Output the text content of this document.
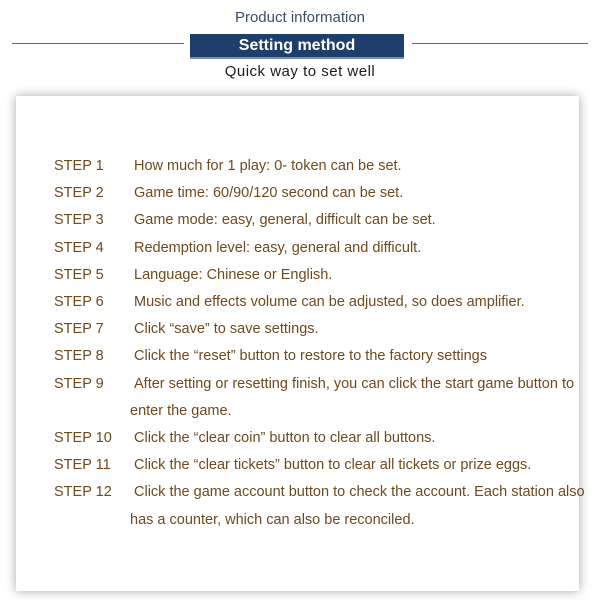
Product information
Setting method
Quick way to set well
STEP 1	How much for 1 play: 0- token can be set.
STEP 2	Game time: 60/90/120 second can be set.
STEP 3	Game mode: easy, general, difficult can be set.
STEP 4	Redemption level: easy, general and difficult.
STEP 5	Language: Chinese or English.
STEP 6	Music and effects volume can be adjusted, so does amplifier.
STEP 7	Click “save” to save settings.
STEP 8	Click the “reset” button to restore to the factory settings
STEP 9	After setting or resetting finish, you can click the start game button to
enter the game.
STEP 10	Click the “clear coin” button to clear all buttons.
STEP 11	Click the “clear tickets” button to clear all tickets or prize eggs.
STEP 12	Click the game account button to check the account. Each station also
has a counter, which can also be reconciled.
